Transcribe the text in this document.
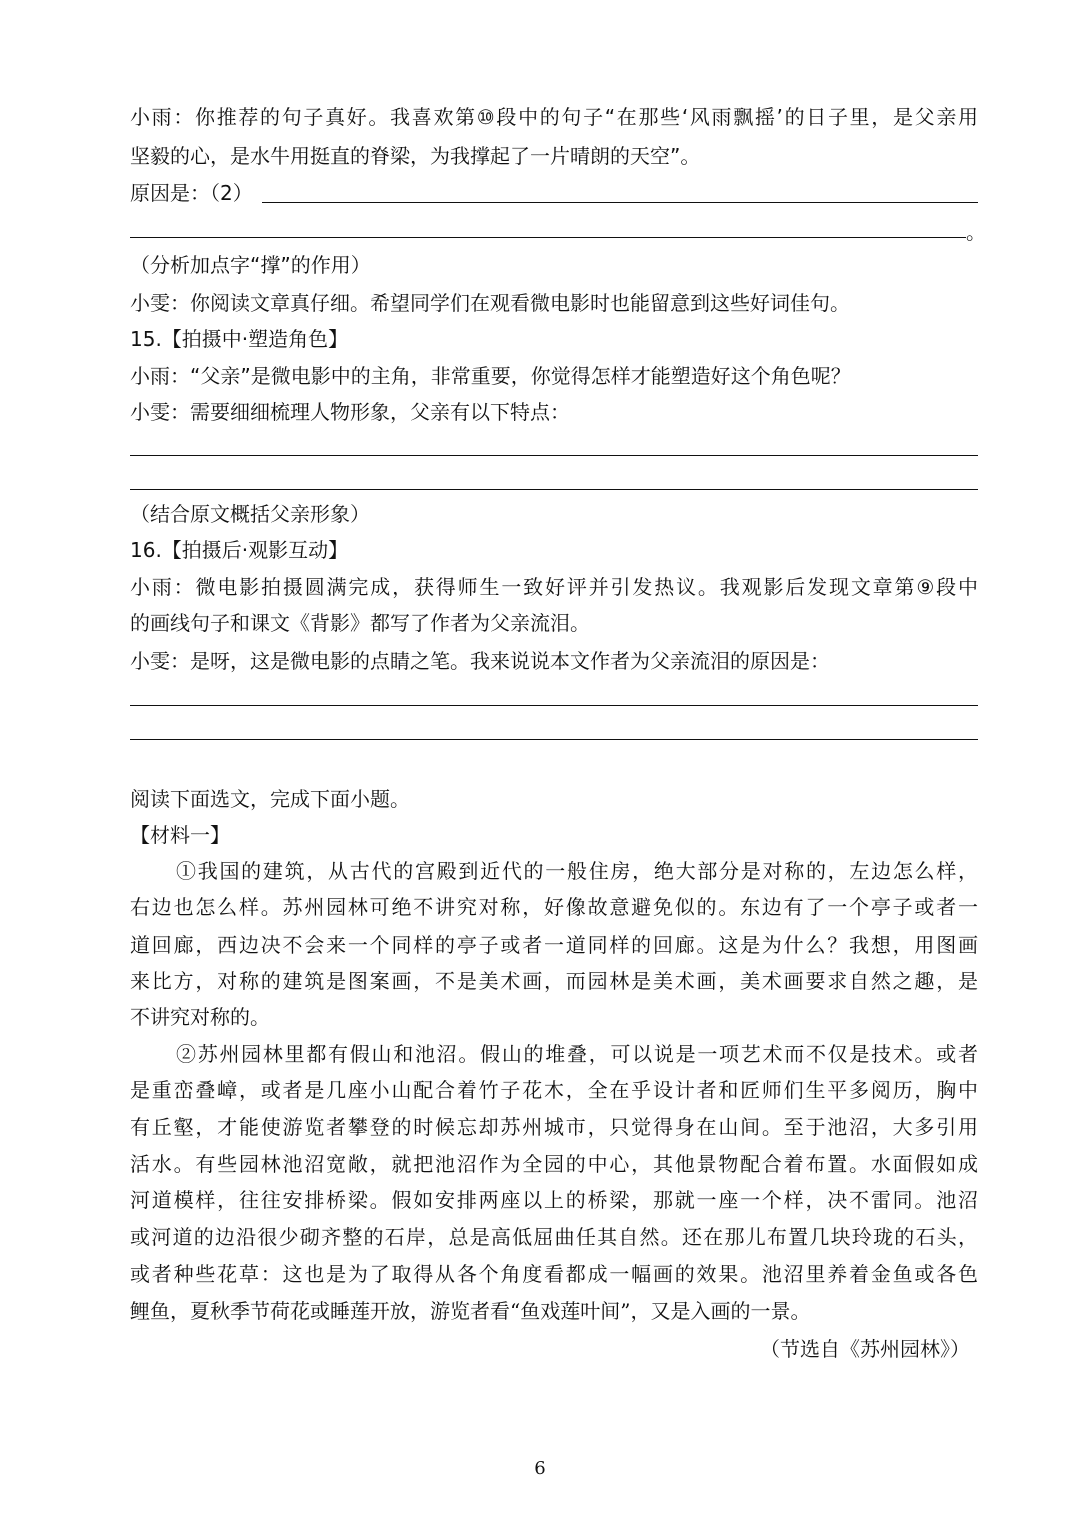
小雨：你推荐的句子真好。我喜欢第⑩段中的句子“在那些‘风雨飘摇’的日子里，是父亲用
坚毅的心，是水牛用挺直的脊梁，为我撑起了一片晴朗的天空”。
原因是：（2）
。
（分析加点字“撑”的作用）
小雯：你阅读文章真仔细。希望同学们在观看微电影时也能留意到这些好词佳句。
15.【拍摄中·塑造角色】
小雨：“父亲”是微电影中的主角，非常重要，你觉得怎样才能塑造好这个角色呢？
小雯：需要细细梳理人物形象，父亲有以下特点：
（结合原文概括父亲形象）
16.【拍摄后·观影互动】
小雨：微电影拍摄圆满完成，获得师生一致好评并引发热议。我观影后发现文章第⑨段中
的画线句子和课文《背影》都写了作者为父亲流泪。
小雯：是呀，这是微电影的点睛之笔。我来说说本文作者为父亲流泪的原因是：
阅读下面选文，完成下面小题。
【材料一】
①我国的建筑，从古代的宫殿到近代的一般住房，绝大部分是对称的，左边怎么样，
右边也怎么样。苏州园林可绝不讲究对称，好像故意避免似的。东边有了一个亭子或者一
道回廊，西边决不会来一个同样的亭子或者一道同样的回廊。这是为什么？我想，用图画
来比方，对称的建筑是图案画，不是美术画，而园林是美术画，美术画要求自然之趣，是
不讲究对称的。
②苏州园林里都有假山和池沼。假山的堆叠，可以说是一项艺术而不仅是技术。或者
是重峦叠嶂，或者是几座小山配合着竹子花木，全在乎设计者和匠师们生平多阅历，胸中
有丘壑，才能使游览者攀登的时候忘却苏州城市，只觉得身在山间。至于池沼，大多引用
活水。有些园林池沼宽敞，就把池沼作为全园的中心，其他景物配合着布置。水面假如成
河道模样，往往安排桥梁。假如安排两座以上的桥梁，那就一座一个样，决不雷同。池沼
或河道的边沿很少砌齐整的石岸，总是高低屈曲任其自然。还在那儿布置几块玲珑的石头，
或者种些花草：这也是为了取得从各个角度看都成一幅画的效果。池沼里养着金鱼或各色
鲤鱼，夏秋季节荷花或睡莲开放，游览者看“鱼戏莲叶间”，又是入画的一景。
（节选自《苏州园林》）
6
